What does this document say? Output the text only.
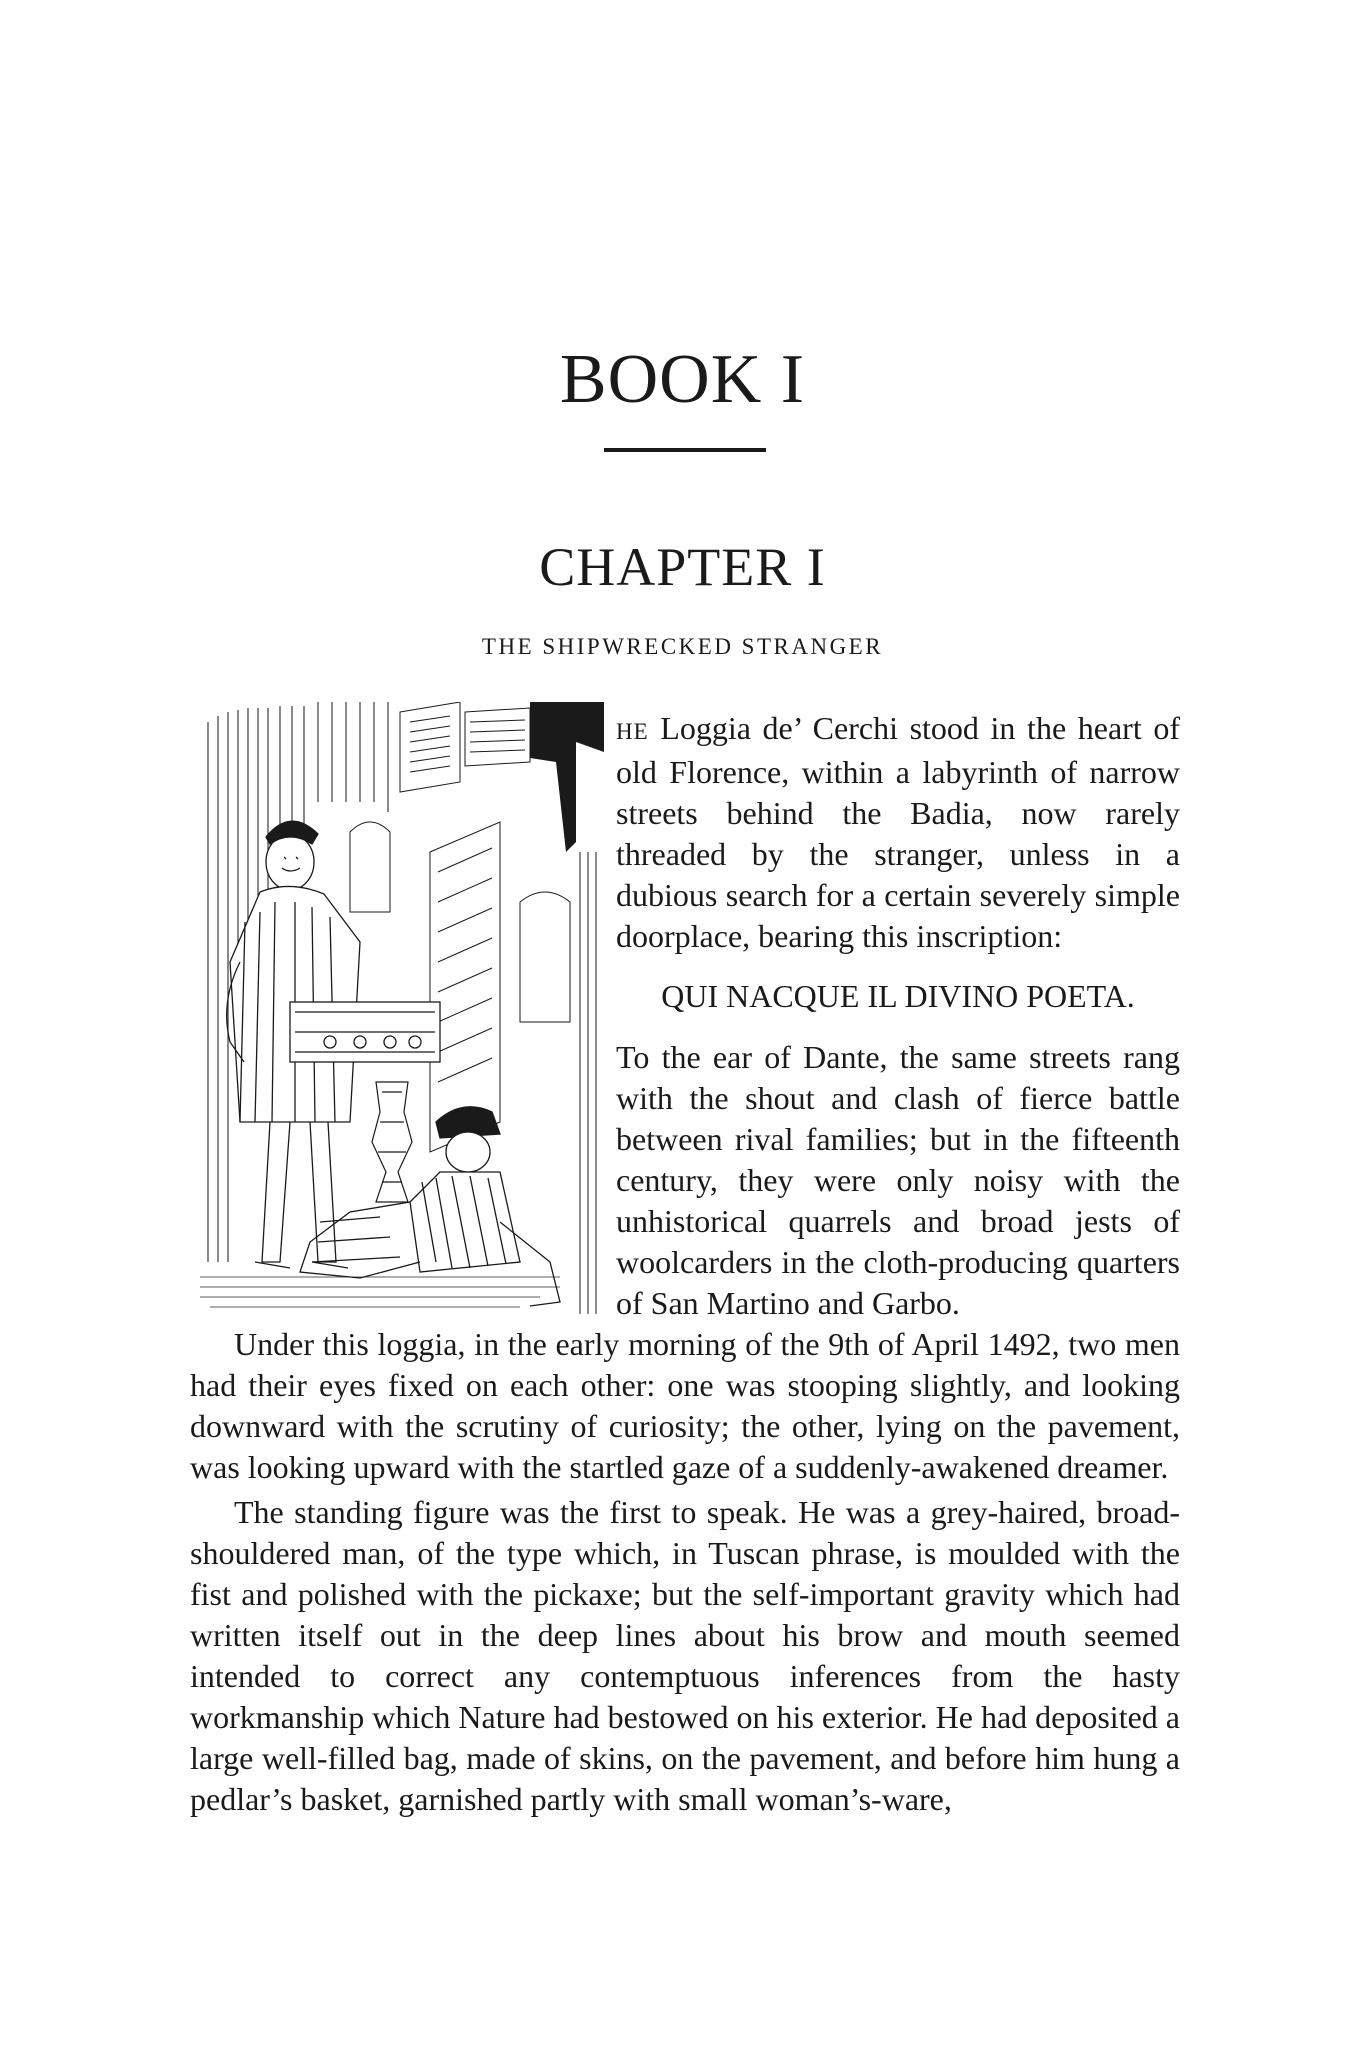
BOOK I
CHAPTER I
THE SHIPWRECKED STRANGER

HE Loggia de’ Cerchi stood in the heart of old Florence, within a labyrinth of narrow streets behind the Badia, now rarely threaded by the stranger, unless in a dubious search for a certain severely simple doorplace, bearing this inscription:

QUI NACQUE IL DIVINO POETA.

To the ear of Dante, the same streets rang with the shout and clash of fierce battle between rival families; but in the fifteenth century, they were only noisy with the unhistorical quarrels and broad jests of woolcarders in the cloth-producing quarters of San Martino and Garbo.

Under this loggia, in the early morning of the 9th of April 1492, two men had their eyes fixed on each other: one was stooping slightly, and looking downward with the scrutiny of curiosity; the other, lying on the pavement, was looking upward with the startled gaze of a suddenly-awakened dreamer.

The standing figure was the first to speak. He was a grey-haired, broad-shouldered man, of the type which, in Tuscan phrase, is moulded with the fist and polished with the pickaxe; but the self-important gravity which had written itself out in the deep lines about his brow and mouth seemed intended to correct any contemptuous inferences from the hasty workmanship which Nature had bestowed on his exterior. He had deposited a large well-filled bag, made of skins, on the pavement, and before him hung a pedlar’s basket, garnished partly with small woman’s-ware,
